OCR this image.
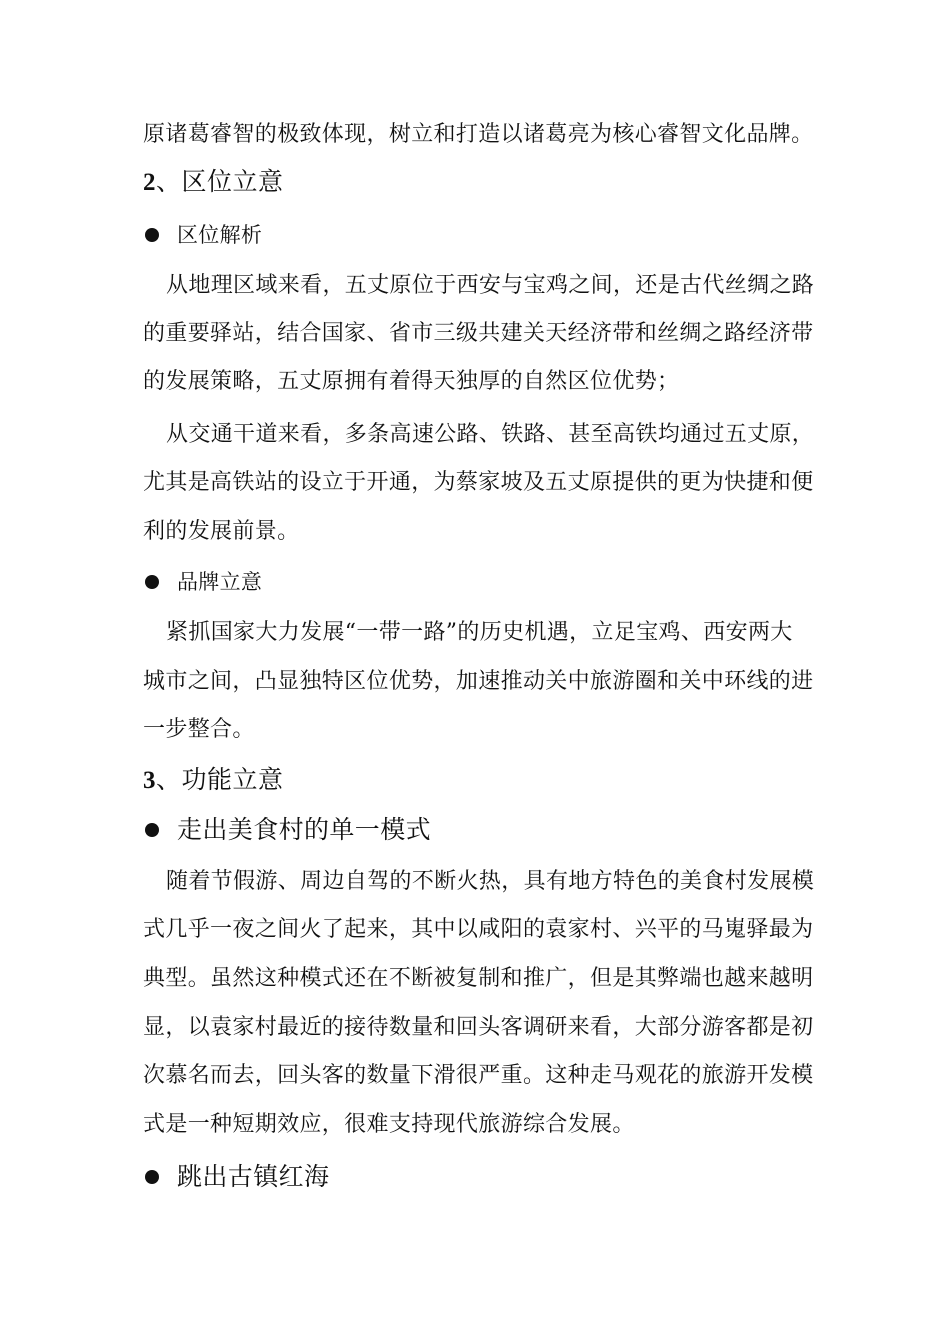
原诸葛睿智的极致体现，树立和打造以诸葛亮为核心睿智文化品牌。
2、区位立意
区位解析
从地理区域来看，五丈原位于西安与宝鸡之间，还是古代丝绸之路
的重要驿站，结合国家、省市三级共建关天经济带和丝绸之路经济带
的发展策略，五丈原拥有着得天独厚的自然区位优势；
从交通干道来看，多条高速公路、铁路、甚至高铁均通过五丈原，
尤其是高铁站的设立于开通，为蔡家坡及五丈原提供的更为快捷和便
利的发展前景。
品牌立意
紧抓国家大力发展“一带一路”的历史机遇，立足宝鸡、西安两大
城市之间，凸显独特区位优势，加速推动关中旅游圈和关中环线的进
一步整合。
3、功能立意
走出美食村的单一模式
随着节假游、周边自驾的不断火热，具有地方特色的美食村发展模
式几乎一夜之间火了起来，其中以咸阳的袁家村、兴平的马嵬驿最为
典型。虽然这种模式还在不断被复制和推广，但是其弊端也越来越明
显，以袁家村最近的接待数量和回头客调研来看，大部分游客都是初
次慕名而去，回头客的数量下滑很严重。这种走马观花的旅游开发模
式是一种短期效应，很难支持现代旅游综合发展。
跳出古镇红海
